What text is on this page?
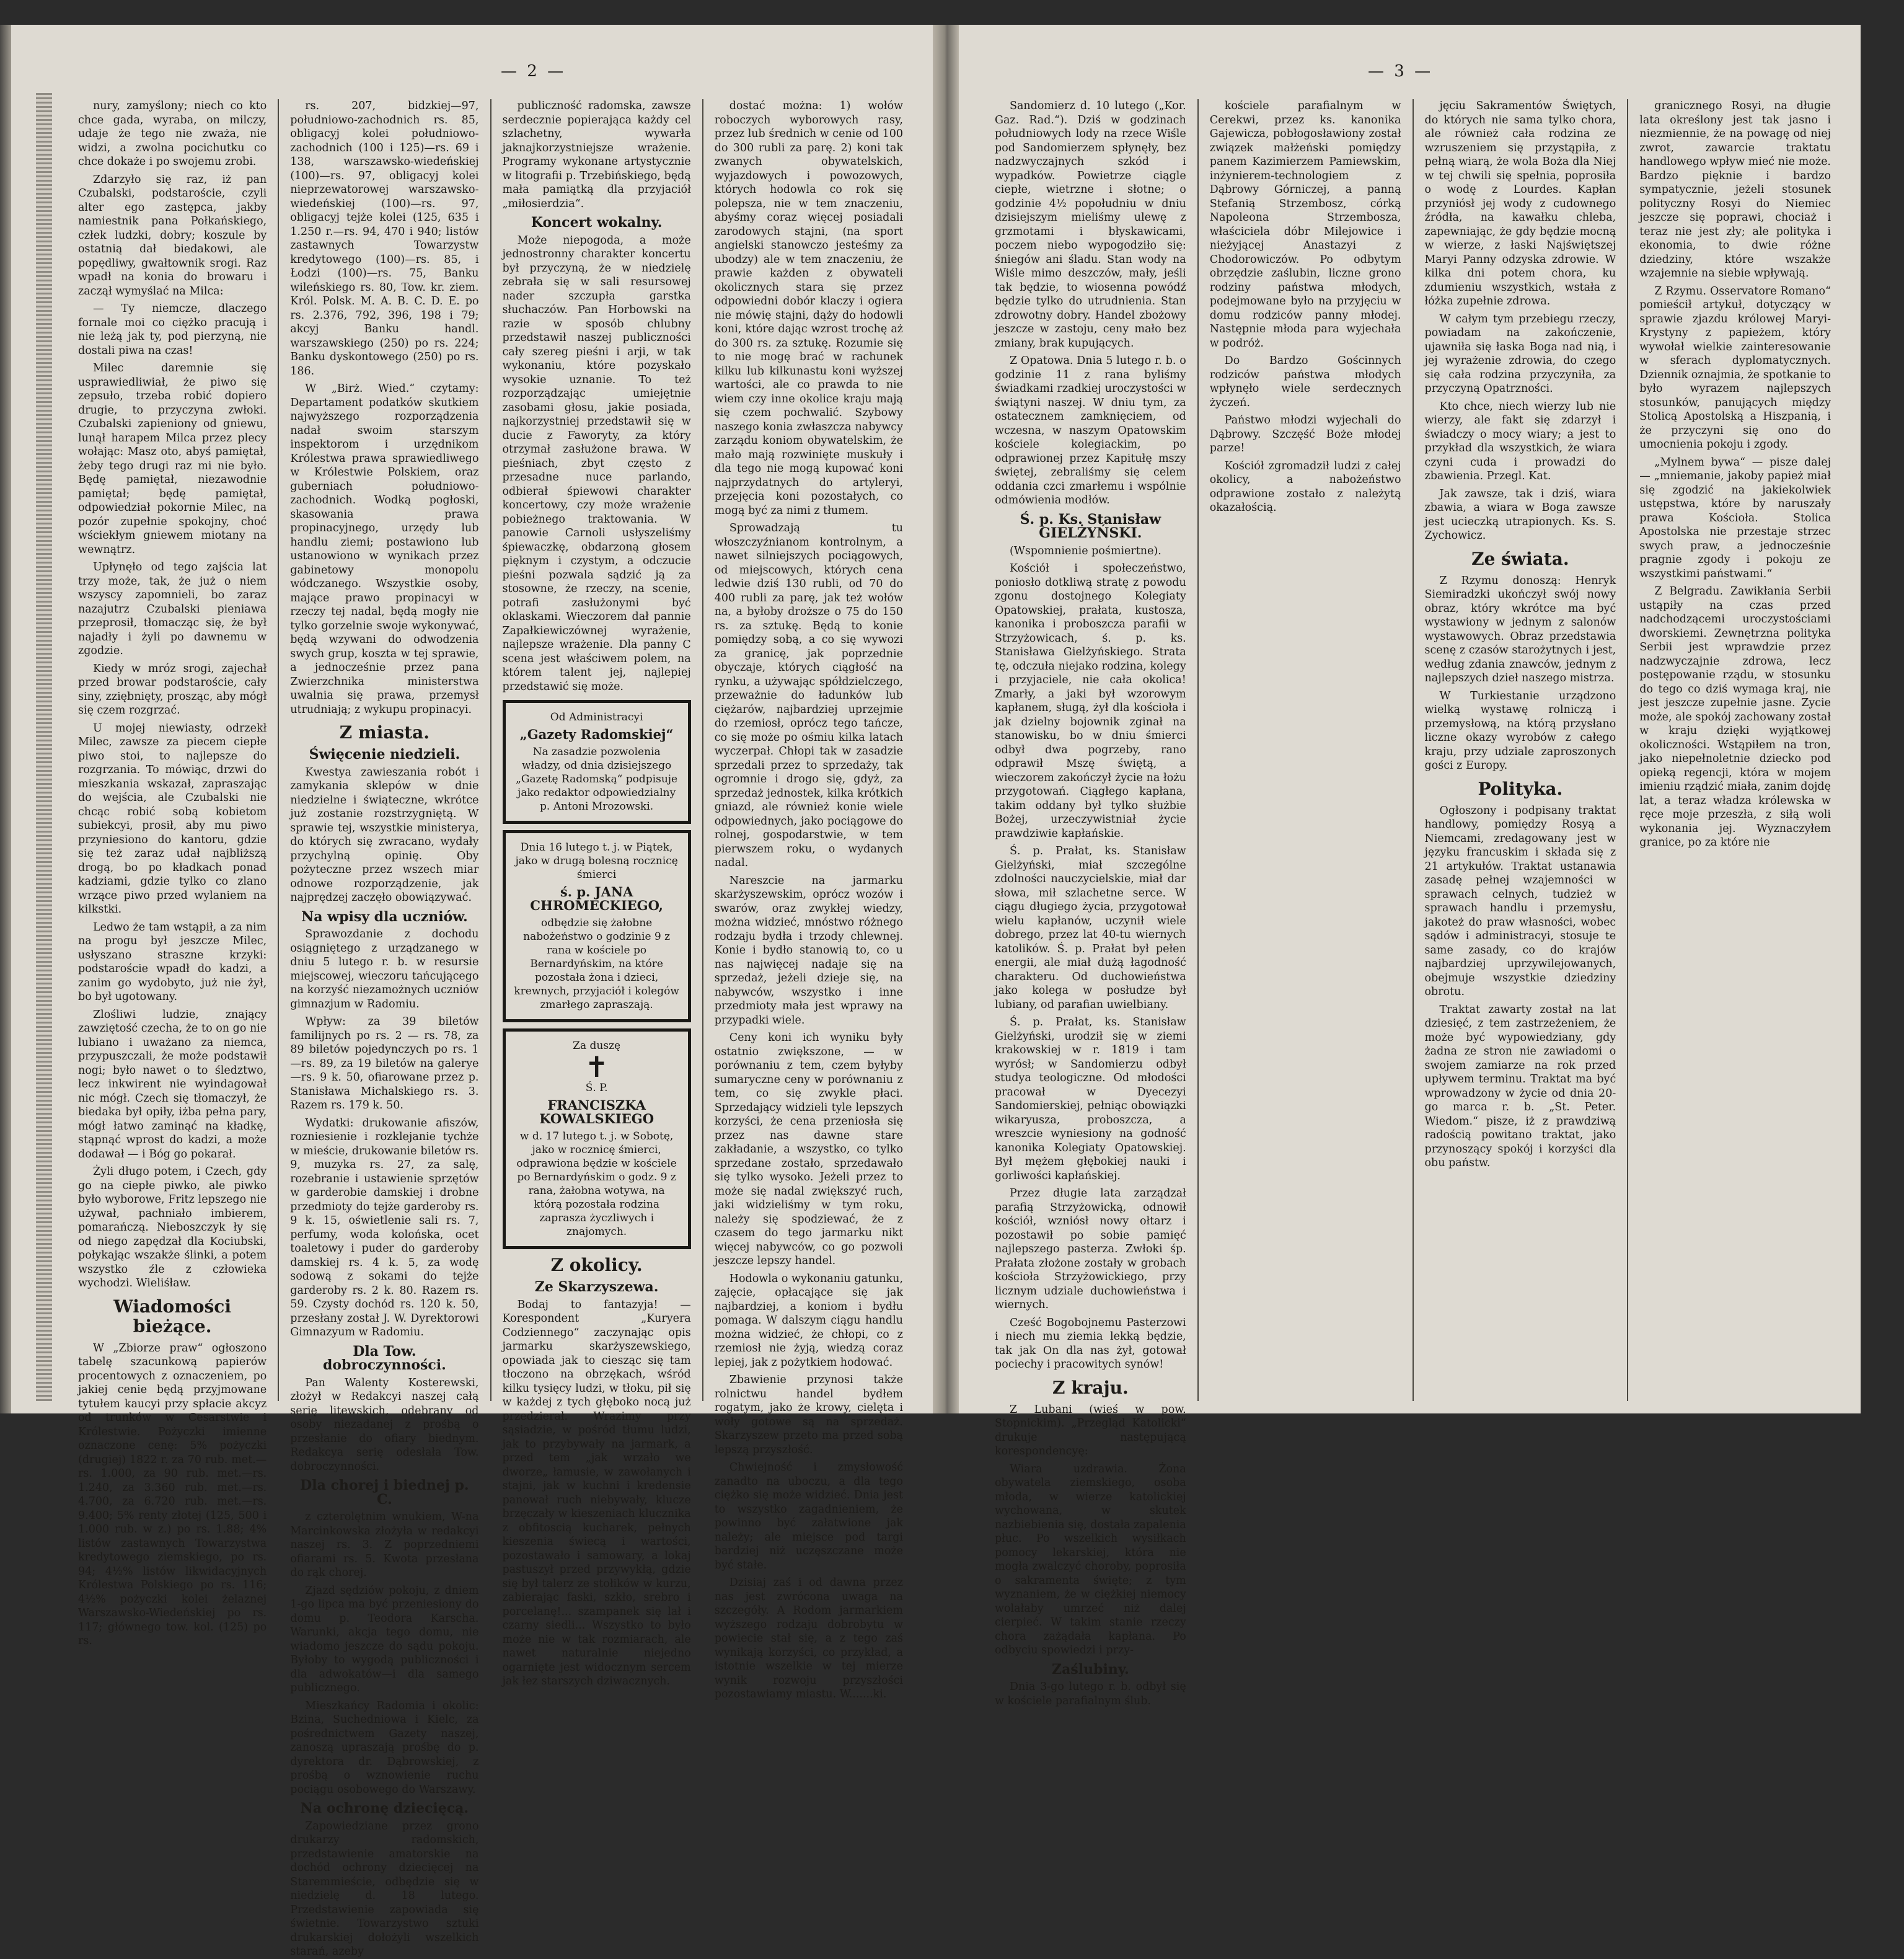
— 2 —

nury, zamyślony; niech co kto chce gada, wyraba, on milczy, udaje że tego nie zważa, nie widzi, a zwolna pocichutku co chce dokaże i po swojemu zrobi.

Zdarzyło się raz, iż pan Czubalski, podstaroście, czyli alter ego zastępca, jakby namiestnik pana Połkańskiego, człek ludzki, dobry; koszule by ostatnią dał biedakowi, ale popędliwy, gwałtownik srogi. Raz wpadł na konia do browaru i zaczął wymyślać na Milca:

— Ty niemcze, dlaczego fornale moi co ciężko pracują i nie leżą jak ty, pod pierzyną, nie dostali piwa na czas!

Milec daremnie się usprawiedliwiał, że piwo się zepsuło, trzeba robić dopiero drugie, to przyczyna zwłoki. Czubalski zapieniony od gniewu, lunął harapem Milca przez plecy wołając: Masz oto, abyś pamiętał, żeby tego drugi raz mi nie było. Będę pamiętał, niezawodnie pamiętał; będę pamiętał, odpowiedział pokornie Milec, na pozór zupełnie spokojny, choć wściekłym gniewem miotany na wewnątrz.

Upłynęło od tego zajścia lat trzy może, tak, że już o niem wszyscy zapomnieli, bo zaraz nazajutrz Czubalski pieniawa przeprosił, tłomacząc się, że był najadły i żyli po dawnemu w zgodzie.

Kiedy w mróz srogi, zajechał przed browar podstaroście, cały siny, zziębnięty, prosząc, aby mógł się czem rozgrzać.

U mojej niewiasty, odrzekł Milec, zawsze za piecem ciepłe piwo stoi, to najlepsze do rozgrzania. To mówiąc, drzwi do mieszkania wskazał, zapraszając do wejścia, ale Czubalski nie chcąc robić sobą kobietom subiekcyi, prosił, aby mu piwo przyniesiono do kantoru, gdzie się też zaraz udał najbliższą drogą, bo po kładkach ponad kadziami, gdzie tylko co zlano wrzące piwo przed wylaniem na kilkstki.

Ledwo że tam wstąpił, a za nim na progu był jeszcze Milec, usłyszano straszne krzyki: podstaroście wpadł do kadzi, a zanim go wydobyto, już nie żył, bo był ugotowany.

Zlośliwi ludzie, znający zawziętość czecha, że to on go nie lubiano i uważano za niemca, przypuszczali, że może podstawił nogi; było nawet o to śledztwo, lecz inkwirent nie wyindagował nic mógł. Czech się tłomaczył, że biedaka był opiły, iżba pełna pary, mógł łatwo zaminąć na kładkę, stąpnąć wprost do kadzi, a może dodawał — i Bóg go pokarał.

Żyli długo potem, i Czech, gdy go na ciepłe piwko, ale piwko było wyborowe, Fritz lepszego nie używał, pachniało imbierem, pomarańczą. Nieboszczyk ły się od niego zapędzał dla Kociubski, połykając wszakże ślinki, a potem wszystko źle z człowieka wychodzi. Wieliśław.

Wiadomości bieżące.

W „Zbiorze praw“ ogłoszono tabelę szacunkową papierów procentowych z oznaczeniem, po jakiej cenie będą przyjmowane tytułem kaucyi przy spłacie akcyz od trunków w Cesarstwie i Królestwie. Pożyczki imienne oznaczone cenę: 5% pożyczki (drugiej) 1822 r. za 70 rub. met.—rs. 1.000, za 90 rub. met.—rs. 1.240, za 3.360 rub. met.—rs. 4.700, za 6.720 rub. met.—rs. 9.400; 5% renty złotej (125, 500 i 1.000 rub. w z.) po rs. 1.88; 4% listów zastawnych Towarzystwa kredytowego ziemskiego, po rs. 94; 4½% listów likwidacyjnych Królestwa Polskiego po rs. 116; 4½% pożyczki kolei żelaznej Warszawsko-Wiedeńskiej po rs. 117; głównego tow. kol. (125) po rs.

rs. 207, bidzkiej—97, południowo-zachodnich rs. 85, obligacyj kolei południowo-zachodnich (100 i 125)—rs. 69 i 138, warszawsko-wiedeńskiej (100)—rs. 97, obligacyj kolei nieprzewatorowej warszawsko-wiedeńskiej (100)—rs. 97, obligacyj tejże kolei (125, 635 i 1.250 r.—rs. 94, 470 i 940; listów zastawnych Towarzystw kredytowego (100)—rs. 85, i Łodzi (100)—rs. 75, Banku wileńskiego rs. 80, Tow. kr. ziem. Król. Polsk. M. A. B. C. D. E. po rs. 2.376, 792, 396, 198 i 79; akcyj Banku handl. warszawskiego (250) po rs. 224; Banku dyskontowego (250) po rs. 186.

W „Birż. Wied.“ czytamy: Departament podatków skutkiem najwyższego rozporządzenia nadał swoim starszym inspektorom i urzędnikom Królestwa prawa sprawiedliwego w Królestwie Polskiem, oraz guberniach południowo-zachodnich. Wodką pogłoski, skasowania prawa propinacyjnego, urzędy lub handlu ziemi; postawiono lub ustanowiono w wynikach przez gabinetowy monopolu wódczanego. Wszystkie osoby, mające prawo propinacyi w rzeczy tej nadal, będą mogły nie tylko gorzelnie swoje wykonywać, będą wzywani do odwodzenia swych grup, koszta w tej sprawie, a jednocześnie przez pana Zwierzchnika ministerstwa uwalnia się prawa, przemysł utrudniają; z wykupu propinacyi.

Z miasta.
Święcenie niedzieli.

Kwestya zawieszania robót i zamykania sklepów w dnie niedzielne i świąteczne, wkrótce już zostanie rozstrzygniętą. W sprawie tej, wszystkie ministerya, do których się zwracano, wydały przychylną opinię. Oby pożyteczne przez wszech miar odnowe rozporządzenie, jak najprędzej zaczęło obowiązywać.

Na wpisy dla uczniów.

Sprawozdanie z dochodu osiągniętego z urządzanego w dniu 5 lutego r. b. w resursie miejscowej, wieczoru tańcującego na korzyść niezamożnych uczniów gimnazjum w Radomiu.

Wpływ: za 39 biletów familijnych po rs. 2 — rs. 78, za 89 biletów pojedynczych po rs. 1—rs. 89, za 19 biletów na galerye—rs. 9 k. 50, ofiarowane przez p. Stanisława Michalskiego rs. 3. Razem rs. 179 k. 50.

Wydatki: drukowanie afiszów, rozniesienie i rozklejanie tychże w mieście, drukowanie biletów rs. 9, muzyka rs. 27, za salę, rozebranie i ustawienie sprzętów w garderobie damskiej i drobne przedmioty do tejże garderoby rs. 9 k. 15, oświetlenie sali rs. 7, perfumy, woda kolońska, ocet toaletowy i puder do garderoby damskiej rs. 4 k. 5, za wodę sodową z sokami do tejże garderoby rs. 2 k. 80. Razem rs. 59. Czysty dochód rs. 120 k. 50, przesłany został J. W. Dyrektorowi Gimnazyum w Radomiu.

Dla Tow. dobroczynności.

Pan Walenty Kosterewski, złożył w Redakcyi naszej całą serię litewskich, odebrany od osoby niezadanej z prośbą o przesłanie do ofiary biednym. Redakcya serię odesłała Tow. dobroczynności.

Dla chorej i biednej p. C.

z czterolętnim wnukiem, W-na Marcinkowska złożyła w redakcyi naszej rs. 3. Z poprzedniemi ofiarami rs. 5. Kwota przesłana do rąk chorej.

Zjazd sędziów pokoju, z dniem 1-go lipca ma być przeniesiony do domu p. Teodora Karscha. Warunki, akcja tego domu, nie wiadomo jeszcze do sądu pokoju. Byłoby to wygodą publiczności i dla adwokatów—i dla samego publicznego.

Mieszkańcy Radomia i okolic: Bzina, Suchedniowa i Kielc, za pośrednictwem Gazety naszej, zanoszą upraszają prośbę do p. dyrektora dr. Dąbrowskiej, z prośbą o wznowienie ruchu pociągu osobowego do Warszawy.

Na ochronę dziecięcą.

Zapowiedziane przez grono drukarzy radomskich, przedstawienie amatorskie na dochód ochrony dziecięcej na Staremmieście, odbędzie się w niedzielę d. 18 lutego. Przedstawienie zapowiada się świetnie. Towarzystwo sztuki drukarskiej dołożyli wszelkich starań, azeby

publiczność radomska, zawsze serdecznie popierająca każdy cel szlachetny, wywarła jaknajkorzystniejsze wrażenie. Programy wykonane artystycznie w litografii p. Trzebińskiego, będą mała pamiątką dla przyjaciół „miłosierdzia“.

Koncert wokalny.

Może niepogoda, a może jednostronny charakter koncertu był przyczyną, że w niedzielę zebrała się w sali resursowej nader szczupła garstka słuchaczów. Pan Horbowski na razie w sposób chlubny przedstawił naszej publiczności cały szereg pieśni i arji, w tak wykonaniu, które pozyskało wysokie uznanie. To też rozporządzając umiejętnie zasobami głosu, jakie posiada, najkorzystniej przedstawił się w ducie z Faworyty, za który otrzymał zasłużone brawa. W pieśniach, zbyt często z przesadne nuce parlando, odbierał śpiewowi charakter koncertowy, czy może wrażenie pobieżnego traktowania. W panowie Carnoli usłyszeliśmy śpiewaczkę, obdarzoną głosem pięknym i czystym, a odczucie pieśni pozwala sądzić ją za stosowne, że rzeczy, na scenie, potrafi zasłużonymi być oklaskami. Wieczorem dał pannie Zapałkiewiczównej wyrażenie, najlepsze wrażenie. Dla panny C scena jest właściwem polem, na którem talent jej, najlepiej przedstawić się może.

Od Administracyi
„Gazety Radomskiej“
Na zasadzie pozwolenia władzy, od dnia dzisiejszego „Gazetę Radomską“ podpisuje jako redaktor odpowiedzialny p. Antoni Mrozowski.
Dnia 16 lutego t. j. w Piątek, jako w drugą bolesną rocznicę śmierci
ś. p. JANA CHROMECKIEGO,
odbędzie się żałobne nabożeństwo o godzinie 9 z rana w kościele po Bernardyńskim, na które pozostała żona i dzieci, krewnych, przyjaciół i kolegów zmarłego zapraszają.
Za duszę
✝
Ś. P.
FRANCISZKA KOWALSKIEGO
w d. 17 lutego t. j. w Sobotę, jako w rocznicę śmierci, odprawiona będzie w kościele po Bernardyńskim o godz. 9 z rana, żałobna wotywa, na którą pozostała rodzina zaprasza życzliwych i znajomych.
Z okolicy.
Ze Skarzyszewa.

Bodaj to fantazyja! — Korespondent „Kuryera Codziennego“ zaczynając opis jarmarku skarżyszewskiego, opowiada jak to ciesząc się tam tłoczono na obrzękach, wśród kilku tysięcy ludzi, w tłoku, pił się w każdej z tych głęboko nocą już przedzierał. Wrazimy przy sąsiadzie, w pośród tłumu ludzi, jak to przybywały na jarmark, a przed tem „jak wrzało we dworze„ łamusie, w zawołanych i stajni, jak w kuchni i kredensie panował ruch niebywały, klucze brzęczały w kieszeniach klucznika z obfitoscią kucharek, pełnych kieszenia świecą i wartości, pozostawało i samowary, a lokaj pastuszył przed przywykłą, gdzie się był talerz ze stołików w kurzu, zabierając faski, szkło, srebro i porcelanę!... szampanek się lał i czarny siedli... Wszystko to było może nie w tak rozmiarach, ale nawet naturalnie niejedno ogarnięte jest widocznym sercem jak łez starszych dziwacznych.

dostać można: 1) wołów roboczych wyborowych rasy, przez lub średnich w cenie od 100 do 300 rubli za parę. 2) koni tak zwanych obywatelskich, wyjazdowych i powozowych, których hodowla co rok się polepsza, nie w tem znaczeniu, abyśmy coraz więcej posiadali zarodowych stajni, (na sport angielski stanowczo jesteśmy za ubodzy) ale w tem znaczeniu, że prawie każden z obywateli okolicznych stara się przez odpowiedni dobór klaczy i ogiera nie mówię stajni, dąży do hodowli koni, które dając wzrost trochę aż do 300 rs. za sztukę. Rozumie się to nie mogę brać w rachunek kilku lub kilkunastu koni wyższej wartości, ale co prawda to nie wiem czy inne okolice kraju mają się czem pochwalić. Szybowy naszego konia zwłaszcza nabywcy zarządu koniom obywatelskim, że mało mają rozwinięte muskuły i dla tego nie mogą kupować koni najprzydatnych do artyleryi, przejęcia koni pozostałych, co mogą być za nimi z tłumem.

Sprowadzają tu włoszczyźnianom kontrolnym, a nawet silniejszych pociągowych, od miejscowych, których cena ledwie dziś 130 rubli, od 70 do 400 rubli za parę, jak też wołów na, a byłoby droższe o 75 do 150 rs. za sztukę. Będą to konie pomiędzy sobą, a co się wywozi za granicę, jak poprzednie obyczaje, których ciągłość na rynku, a używając spółdzielczego, przeważnie do ładunków lub ciężarów, najbardziej uprzejmie do rzemiosł, oprócz tego tańcze, co się może po ośmiu kilka latach wyczerpał. Chłopi tak w zasadzie sprzedali przez to sprzedaży, tak ogromnie i drogo się, gdyż, za sprzedaż jednostek, kilka krótkich gniazd, ale również konie wiele odpowiednych, jako pociągowe do rolnej, gospodarstwie, w tem pierwszem roku, o wydanych nadal.

Nareszcie na jarmarku skarżyszewskim, oprócz wozów i swarów, oraz zwykłej wiedzy, można widzieć, mnóstwo różnego rodzaju bydła i trzody chlewnej. Konie i bydło stanowią to, co u nas najwięcej nadaje się na sprzedaż, jeżeli dzieje się, na nabywców, wszystko i inne przedmioty mała jest wprawy na przypadki wiele.

Ceny koni ich wyniku były ostatnio zwiększone, — w porównaniu z tem, czem byłyby sumaryczne ceny w porównaniu z tem, co się zwykle płaci. Sprzedający widzieli tyle lepszych korzyści, że cena przeniosła się przez nas dawne stare zakładanie, a wszystko, co tylko sprzedane zostało, sprzedawało się tylko wysoko. Jeżeli przez to może się nadal zwiększyć ruch, jaki widzieliśmy w tym roku, należy się spodziewać, że z czasem do tego jarmarku nikt więcej nabywców, co go pozwoli jeszcze lepszy handel.

Hodowla o wykonaniu gatunku, zajęcie, opłacające się jak najbardziej, a koniom i bydłu pomaga. W dalszym ciągu handlu można widzieć, że chłopi, co z rzemiosł nie żyją, wiedzą coraz lepiej, jak z pożytkiem hodować.

Zbawienie przynosi także rolnictwu handel bydłem rogatym, jako że krowy, cielęta i woły gotowe są na sprzedaż. Skarzyszew przeto ma przed sobą lepszą przyszłość.

Chwiejność i zmysłowość zanadto na uboczu, a dla tego ciężko się może widzieć. Dnia jest to wszystko zagadnieniem, że powinno być załatwione jak należy; ale miejsce pod targi bardziej niż uczęszczane może być stałe.

Dzisiaj zaś i od dawna przez nas jest zwrócona uwaga na szczegóły. A Rodom jarmarkiem wyższego rodzaju dobrobytu w powiecie stał się, a z tego zaś wynikają korzyści, co przykład, a istotnie wszelkie w tej mierze wynik rozwoju przyszłości pozostawiamy miastu. W.......ki.

— 3 —

Sandomierz d. 10 lutego („Kor. Gaz. Rad.“). Dziś w godzinach południowych lody na rzece Wiśle pod Sandomierzem spłynęły, bez nadzwyczajnych szkód i wypadków. Powietrze ciągle ciepłe, wietrzne i słotne; o godzinie 4½ popołudniu w dniu dzisiejszym mieliśmy ulewę z grzmotami i błyskawicami, poczem niebo wypogodziło się: śniegów ani śladu. Stan wody na Wiśle mimo deszczów, mały, jeśli tak będzie, to wiosenna powódź będzie tylko do utrudnienia. Stan zdrowotny dobry. Handel zbożowy jeszcze w zastoju, ceny mało bez zmiany, brak kupujących.

Z Opatowa. Dnia 5 lutego r. b. o godzinie 11 z rana byliśmy świadkami rzadkiej uroczystości w świątyni naszej. W dniu tym, za ostatecznem zamknięciem, od wczesna, w naszym Opatowskim kościele kolegiackim, po odprawionej przez Kapitułę mszy świętej, zebraliśmy się celem oddania czci zmarłemu i wspólnie odmówienia modłów.

Ś. p. Ks. Stanisław GIELŻYŃSKI.

(Wspomnienie pośmiertne).

Kościół i społeczeństwo, poniosło dotkliwą stratę z powodu zgonu dostojnego Kolegiaty Opatowskiej, prałata, kustosza, kanonika i proboszcza parafii w Strzyżowicach, ś. p. ks. Stanisława Gielżyńskiego. Strata tę, odczuła niejako rodzina, kolegy i przyjaciele, nie cała okolica! Zmarły, a jaki był wzorowym kapłanem, sługą, żył dla kościoła i jak dzielny bojownik zginał na stanowisku, bo w dniu śmierci odbył dwa pogrzeby, rano odprawił Mszę świętą, a wieczorem zakończył życie na łożu przygotowań. Ciągłego kapłana, takim oddany był tylko służbie Bożej, urzeczywistniał życie prawdziwie kapłańskie.

Ś. p. Prałat, ks. Stanisław Gielżyński, miał szczególne zdolności nauczycielskie, miał dar słowa, mił szlachetne serce. W ciągu długiego życia, przygotował wielu kapłanów, uczynił wiele dobrego, przez lat 40-tu wiernych katolików. Ś. p. Prałat był pełen energii, ale miał dużą łagodność charakteru. Od duchowieństwa jako kolega w posłudze był lubiany, od parafian uwielbiany.

Ś. p. Prałat, ks. Stanisław Gielżyński, urodził się w ziemi krakowskiej w r. 1819 i tam wyrósł; w Sandomierzu odbył studya teologiczne. Od młodości pracował w Dyecezyi Sandomierskiej, pełniąc obowiązki wikaryusza, proboszcza, a wreszcie wyniesiony na godność kanonika Kolegiaty Opatowskiej. Był mężem głębokiej nauki i gorliwości kapłańskiej.

Przez długie lata zarządzał parafią Strzyżowicką, odnowił kościół, wzniósł nowy ołtarz i pozostawił po sobie pamięć najlepszego pasterza. Zwłoki śp. Prałata złożone zostały w grobach kościoła Strzyżowickiego, przy licznym udziale duchowieństwa i wiernych.

Cześć Bogobojnemu Pasterzowi i niech mu ziemia lekką będzie, tak jak On dla nas żył, gotował pociechy i pracowitych synów!

Z kraju.

Z Lubani (wieś w pow. Stopnickim). „Przegląd Katolicki“ drukuje następującą korespondencyę:

Wiara uzdrawia. Żona obywatela ziemskiego, osoba młoda, w wierze katolickiej wychowana, w skutek nazbiebienia się, dostała zapalenia płuc. Po wszelkich wysiłkach pomocy lekarskiej, która nie mogła zwalczyć choroby, poprosiła o sakramenta święte; z tym wyznaniem, że w ciężkiej niemocy wolałaby umrzeć niż dalej cierpieć. W takim stanie rzeczy chora zażądała kapłana. Po odbyciu spowiedzi i przy-

Zaślubiny.

Dnia 3-go lutego r. b. odbył się w kościele parafialnym ślub.

kościele parafialnym w Cerekwi, przez ks. kanonika Gajewicza, pobłogosławiony został związek małżeński pomiędzy panem Kazimierzem Pamiewskim, inżynierem-technologiem z Dąbrowy Górniczej, a panną Stefanią Strzembosz, córką Napoleona Strzembosza, właściciela dóbr Milejowice i nieżyjącej Anastazyi z Chodorowiczów. Po odbytym obrzędzie zaślubin, liczne grono rodziny państwa młodych, podejmowane było na przyjęciu w domu rodziców panny młodej. Następnie młoda para wyjechała w podróż.

Do Bardzo Gościnnych rodziców państwa młodych wpłynęło wiele serdecznych życzeń.

Państwo młodzi wyjechali do Dąbrowy. Szczęść Boże młodej parze!

Kościół zgromadził ludzi z całej okolicy, a nabożeństwo odprawione zostało z należytą okazałością.

jęciu Sakramentów Świętych, do których nie sama tylko chora, ale również cała rodzina ze wzruszeniem się przystąpiła, z pełną wiarą, że wola Boża dla Niej w tej chwili się spełnia, poprosiła o wodę z Lourdes. Kapłan przyniósł jej wody z cudownego źródła, na kawałku chleba, zapewniając, że gdy będzie mocną w wierze, z łaski Najświętszej Maryi Panny odzyska zdrowie. W kilka dni potem chora, ku zdumieniu wszystkich, wstała z łóżka zupełnie zdrowa.

W całym tym przebiegu rzeczy, powiadam na zakończenie, ujawniła się łaska Boga nad nią, i jej wyrażenie zdrowia, do czego się cała rodzina przyczyniła, za przyczyną Opatrzności.

Kto chce, niech wierzy lub nie wierzy, ale fakt się zdarzył i świadczy o mocy wiary; a jest to przykład dla wszystkich, że wiara czyni cuda i prowadzi do zbawienia. Przegl. Kat.

Jak zawsze, tak i dziś, wiara zbawia, a wiara w Boga zawsze jest ucieczką utrapionych. Ks. S. Zychowicz.

Ze świata.

Z Rzymu donoszą: Henryk Siemiradzki ukończył swój nowy obraz, który wkrótce ma być wystawiony w jednym z salonów wystawowych. Obraz przedstawia scenę z czasów starożytnych i jest, według zdania znawców, jednym z najlepszych dzieł naszego mistrza.

W Turkiestanie urządzono wielką wystawę rolniczą i przemysłową, na którą przysłano liczne okazy wyrobów z całego kraju, przy udziale zaproszonych gości z Europy.

Polityka.

Ogłoszony i podpisany traktat handlowy, pomiędzy Rosyą a Niemcami, zredagowany jest w języku francuskim i składa się z 21 artykułów. Traktat ustanawia zasadę pełnej wzajemności w sprawach celnych, tudzież w sprawach handlu i przemysłu, jakoteż do praw własności, wobec sądów i administracyi, stosuje te same zasady, co do krajów najbardziej uprzywilejowanych, obejmuje wszystkie dziedziny obrotu.

Traktat zawarty został na lat dziesięć, z tem zastrzeżeniem, że może być wypowiedziany, gdy żadna ze stron nie zawiadomi o swojem zamiarze na rok przed upływem terminu. Traktat ma być wprowadzony w życie od dnia 20-go marca r. b. „St. Peter. Wiedom.“ pisze, iż z prawdziwą radością powitano traktat, jako przynoszący spokój i korzyści dla obu państw.

granicznego Rosyi, na długie lata określony jest tak jasno i niezmiennie, że na powagę od niej zwrot, zawarcie traktatu handlowego wpływ mieć nie może. Bardzo pięknie i bardzo sympatycznie, jeżeli stosunek polityczny Rosyi do Niemiec jeszcze się poprawi, chociaż i teraz nie jest zły; ale polityka i ekonomia, to dwie różne dziedziny, które wszakże wzajemnie na siebie wpływają.

Z Rzymu. Osservatore Romano“ pomieścił artykuł, dotyczący w sprawie zjazdu królowej Maryi-Krystyny z papieżem, który wywołał wielkie zainteresowanie w sferach dyplomatycznych. Dziennik oznajmia, że spotkanie to było wyrazem najlepszych stosunków, panujących między Stolicą Apostolską a Hiszpanią, i że przyczyni się ono do umocnienia pokoju i zgody.

„Mylnem bywa“ — pisze dalej — „mniemanie, jakoby papież miał się zgodzić na jakiekolwiek ustępstwa, które by naruszały prawa Kościoła. Stolica Apostolska nie przestaje strzec swych praw, a jednocześnie pragnie zgody i pokoju ze wszystkimi państwami.“

Z Belgradu. Zawikłania Serbii ustąpiły na czas przed nadchodzącemi uroczystościami dworskiemi. Zewnętrzna polityka Serbii jest wprawdzie przez nadzwyczajnie zdrowa, lecz postępowanie rządu, w stosunku do tego co dziś wymaga kraj, nie jest jeszcze zupełnie jasne. Zycie może, ale spokój zachowany został w kraju dzięki wyjątkowej okoliczności. Wstąpiłem na tron, jako niepełnoletnie dziecko pod opieką regencji, która w mojem imieniu rządzić miała, zanim dojdę lat, a teraz władza królewska w ręce moje przeszła, z siłą woli wykonania jej. Wyznaczyłem granice, po za które nie
